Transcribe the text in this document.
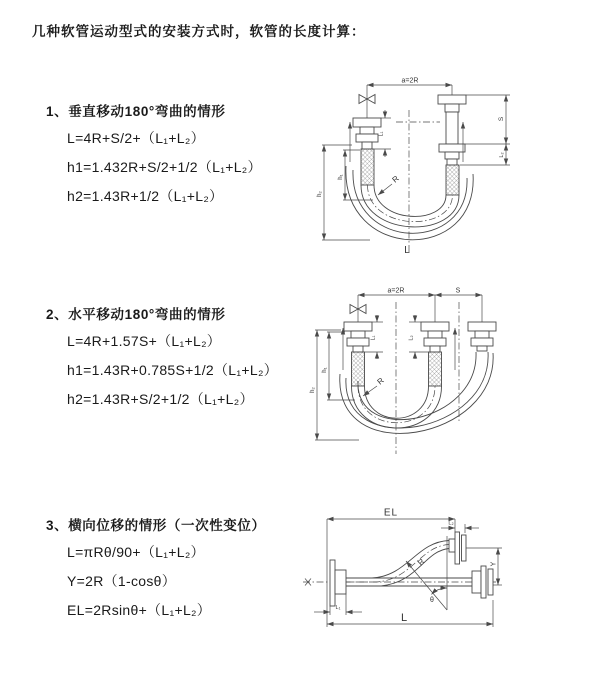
几种软管运动型式的安装方式时，软管的长度计算：
1、垂直移动180°弯曲的情形
L=4R+S/2+（L₁+L₂）
h1=1.432R+S/2+1/2（L₁+L₂）
h2=1.43R+1/2（L₁+L₂）
a=2R
R
S
L₂
L₁
h₂
h₁
L
2、水平移动180°弯曲的情形
L=4R+1.57S+（L₁+L₂）
h1=1.43R+0.785S+1/2（L₁+L₂）
h2=1.43R+S/2+1/2（L₁+L₂）
a=2R	S
R
L₁	L₂
h₂
h₁
3、横向位移的情形（一次性变位）
L=πRθ/90+（L₁+L₂）
Y=2R（1-cosθ）
EL=2Rsinθ+（L₁+L₂）
EL
L₂
R
θ
Y
L₁
L
